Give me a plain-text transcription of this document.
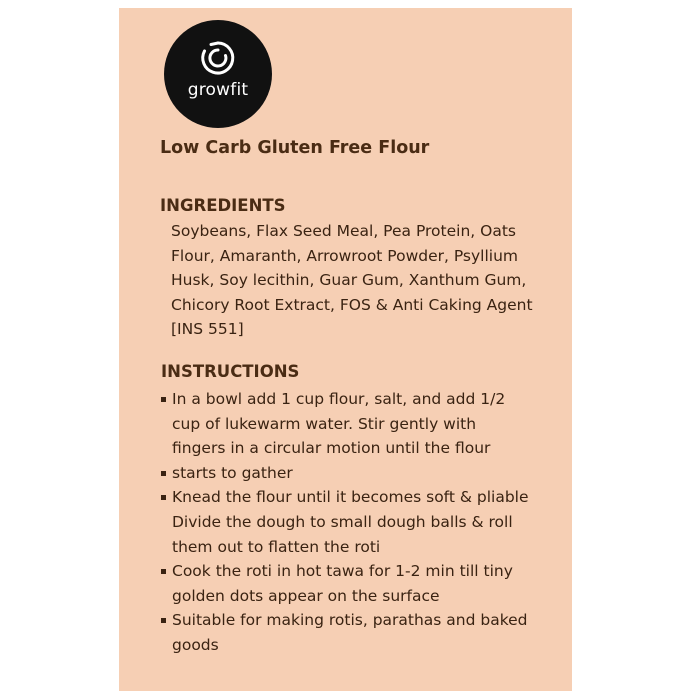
growfit
Low Carb Gluten Free Flour
INGREDIENTS
Soybeans, Flax Seed Meal, Pea Protein, Oats
Flour, Amaranth, Arrowroot Powder, Psyllium
Husk, Soy lecithin, Guar Gum, Xanthum Gum,
Chicory Root Extract, FOS & Anti Caking Agent
[INS 551]
INSTRUCTIONS
In a bowl add 1 cup flour, salt, and add 1/2
cup of lukewarm water. Stir gently with
fingers in a circular motion until the flour
starts to gather
Knead the flour until it becomes soft & pliable
Divide the dough to small dough balls & roll
them out to flatten the roti
Cook the roti in hot tawa for 1-2 min till tiny
golden dots appear on the surface
Suitable for making rotis, parathas and baked
goods
